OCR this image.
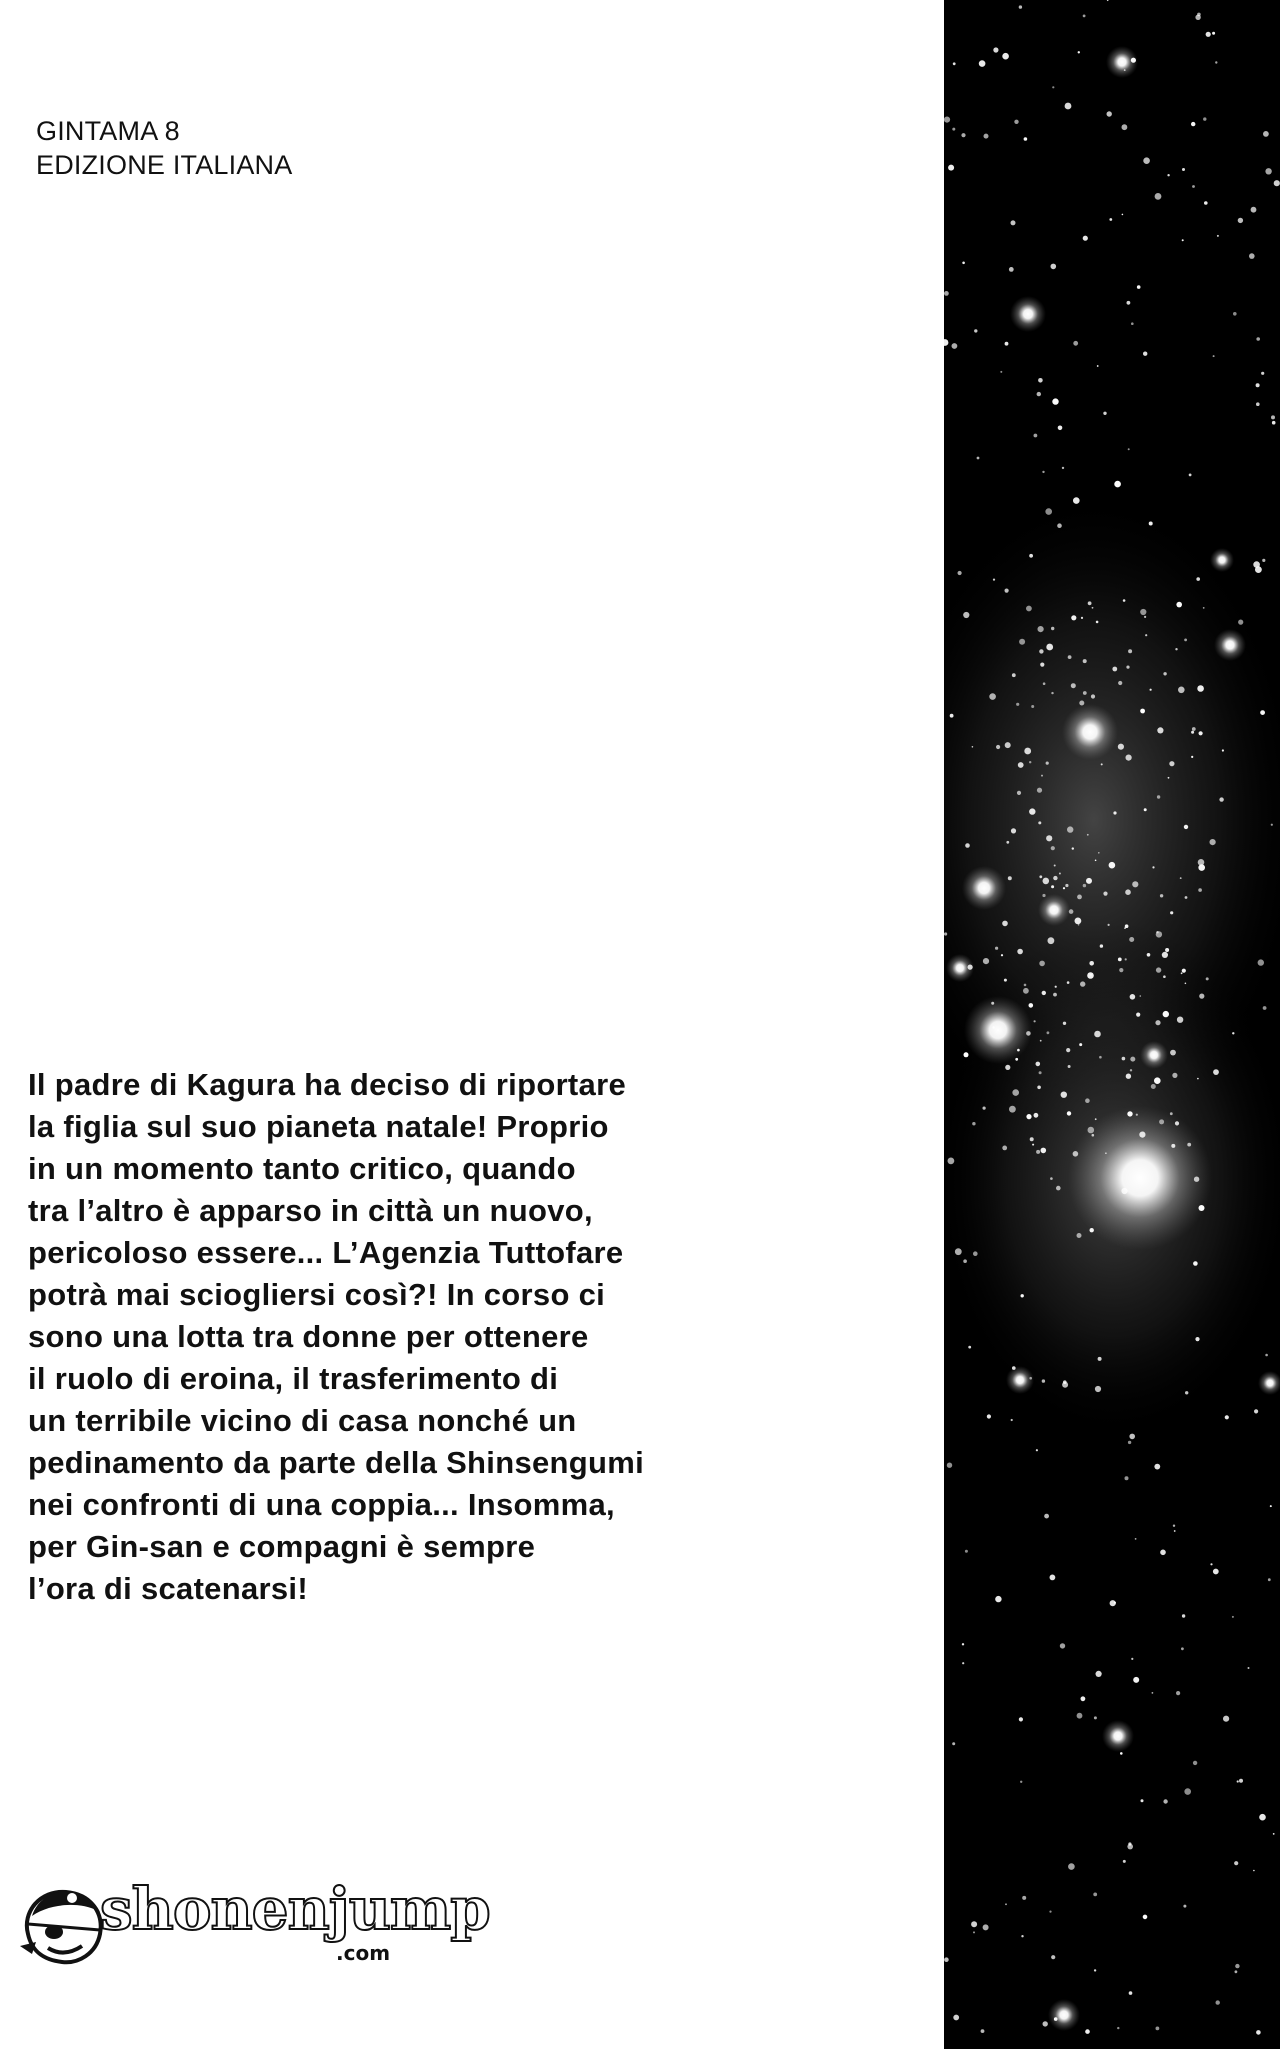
GINTAMA 8
EDIZIONE ITALIANA
Il padre di Kagura ha deciso di riportare
la figlia sul suo pianeta natale! Proprio
in un momento tanto critico, quando
tra l’altro è apparso in città un nuovo,
pericoloso essere... L’Agenzia Tuttofare
potrà mai sciogliersi così?! In corso ci
sono una lotta tra donne per ottenere
il ruolo di eroina, il trasferimento di
un terribile vicino di casa nonché un
pedinamento da parte della Shinsengumi
nei confronti di una coppia... Insomma,
per Gin-san e compagni è sempre
l’ora di scatenarsi!
shonenjump
.com
